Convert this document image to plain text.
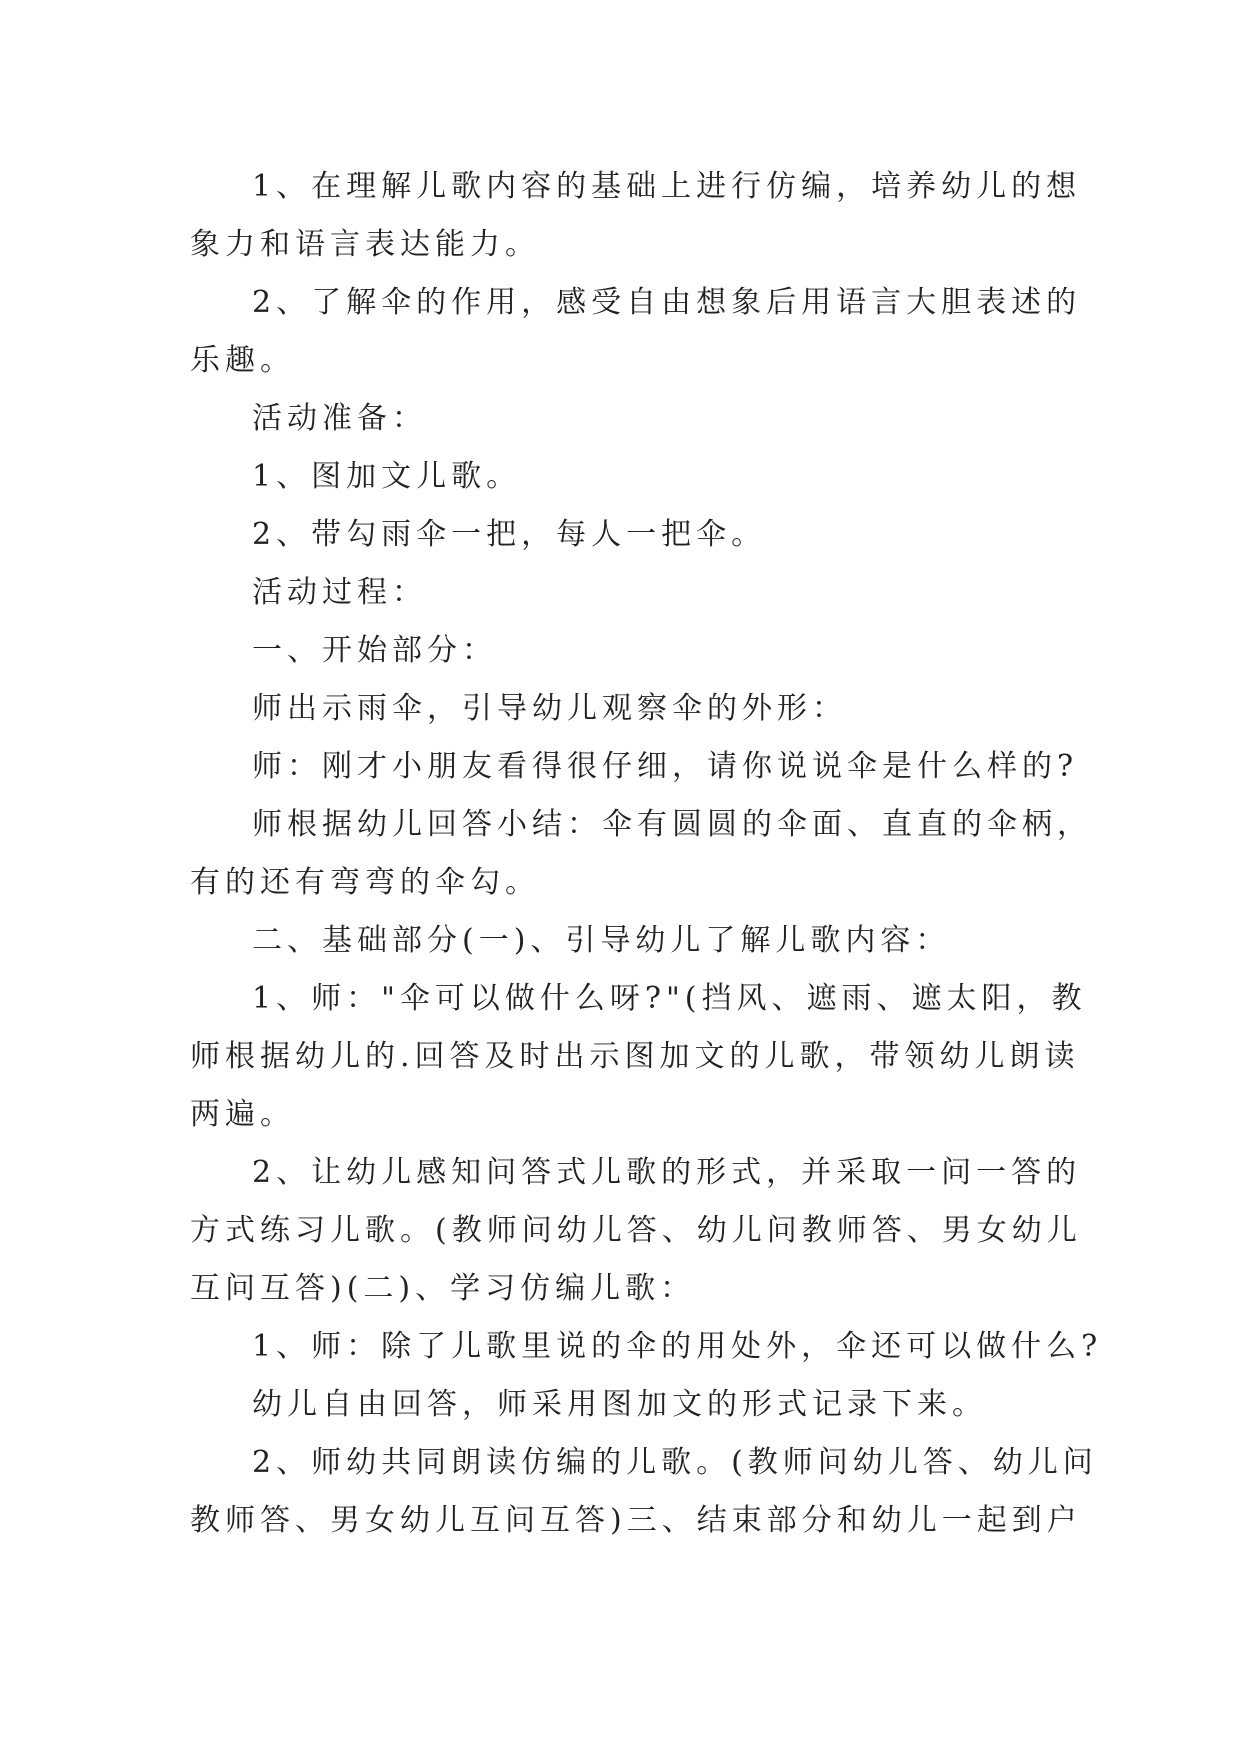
1、在理解儿歌内容的基础上进行仿编，培养幼儿的想
象力和语言表达能力。
2、了解伞的作用，感受自由想象后用语言大胆表述的
乐趣。
活动准备：
1、图加文儿歌。
2、带勾雨伞一把，每人一把伞。
活动过程：
一、开始部分：
师出示雨伞，引导幼儿观察伞的外形：
师：刚才小朋友看得很仔细，请你说说伞是什么样的?
师根据幼儿回答小结：伞有圆圆的伞面、直直的伞柄，
有的还有弯弯的伞勾。
二、基础部分(一)、引导幼儿了解儿歌内容：
1、师："伞可以做什么呀?"(挡风、遮雨、遮太阳，教
师根据幼儿的.回答及时出示图加文的儿歌，带领幼儿朗读
两遍。
2、让幼儿感知问答式儿歌的形式，并采取一问一答的
方式练习儿歌。(教师问幼儿答、幼儿问教师答、男女幼儿
互问互答)(二)、学习仿编儿歌：
1、师：除了儿歌里说的伞的用处外，伞还可以做什么?
幼儿自由回答，师采用图加文的形式记录下来。
2、师幼共同朗读仿编的儿歌。(教师问幼儿答、幼儿问
教师答、男女幼儿互问互答)三、结束部分和幼儿一起到户
